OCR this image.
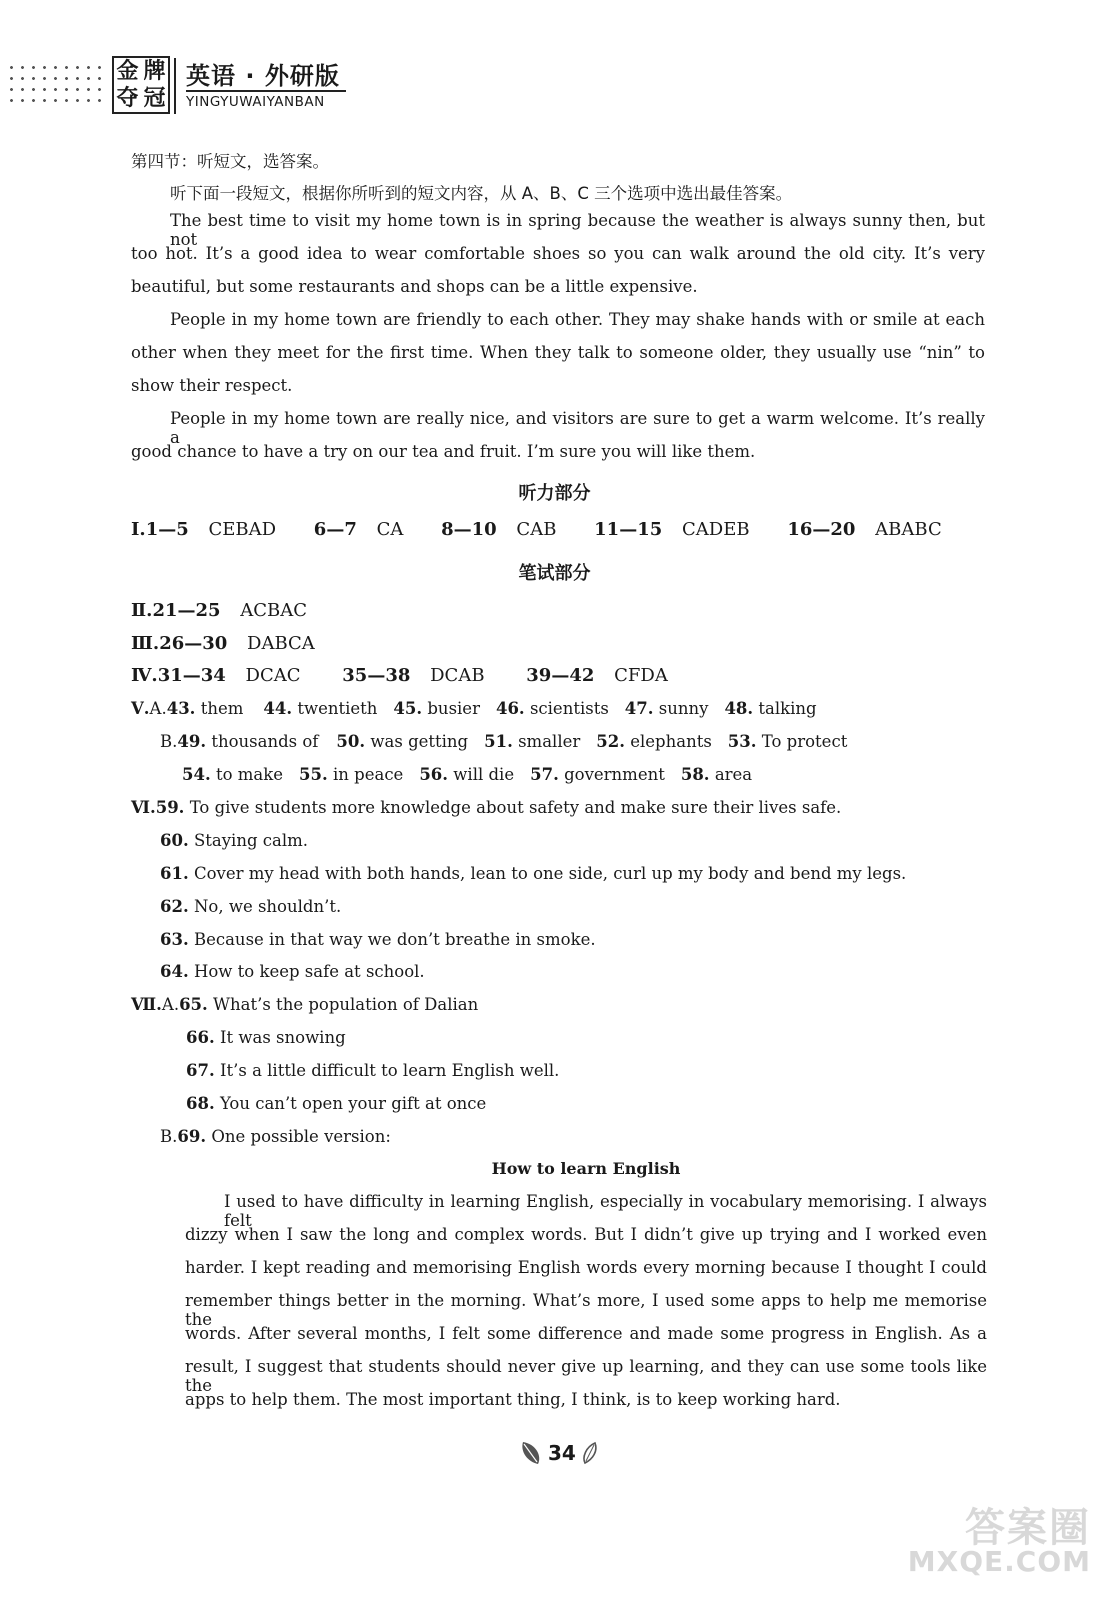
金 牌
夺 冠
英语 · 外研版
YINGYUWAIYANBAN
第四节：听短文，选答案。
听下面一段短文，根据你所听到的短文内容，从 A、B、C 三个选项中选出最佳答案。
The best time to visit my home town is in spring because the weather is always sunny then, but not
too hot. It’s a good idea to wear comfortable shoes so you can walk around the old city. It’s very
beautiful, but some restaurants and shops can be a little expensive.
People in my home town are friendly to each other. They may shake hands with or smile at each
other when they meet for the first time. When they talk to someone older, they usually use “nin” to
show their respect.
People in my home town are really nice, and visitors are sure to get a warm welcome. It’s really a
good chance to have a try on our tea and fruit. I’m sure you will like them.
听力部分
Ⅰ.1—5 CEBAD 6—7 CA 8—10 CAB 11—15 CADEB 16—20 ABABC
笔试部分
Ⅱ.21—25 ACBAC
Ⅲ.26—30 DABCA
Ⅳ.31—34 DCAC 35—38 DCAB 39—42 CFDA
Ⅴ.A.43. them 44. twentieth 45. busier 46. scientists 47. sunny 48. talking
B.49. thousands of 50. was getting 51. smaller 52. elephants 53. To protect
54. to make 55. in peace 56. will die 57. government 58. area
Ⅵ.59. To give students more knowledge about safety and make sure their lives safe.
60. Staying calm.
61. Cover my head with both hands, lean to one side, curl up my body and bend my legs.
62. No, we shouldn’t.
63. Because in that way we don’t breathe in smoke.
64. How to keep safe at school.
Ⅶ.A.65. What’s the population of Dalian
66. It was snowing
67. It’s a little difficult to learn English well.
68. You can’t open your gift at once
B.69. One possible version:
How to learn English
I used to have difficulty in learning English, especially in vocabulary memorising. I always felt
dizzy when I saw the long and complex words. But I didn’t give up trying and I worked even
harder. I kept reading and memorising English words every morning because I thought I could
remember things better in the morning. What’s more, I used some apps to help me memorise the
words. After several months, I felt some difference and made some progress in English. As a
result, I suggest that students should never give up learning, and they can use some tools like the
apps to help them. The most important thing, I think, is to keep working hard.
34
答案圈
MXQE.COM
